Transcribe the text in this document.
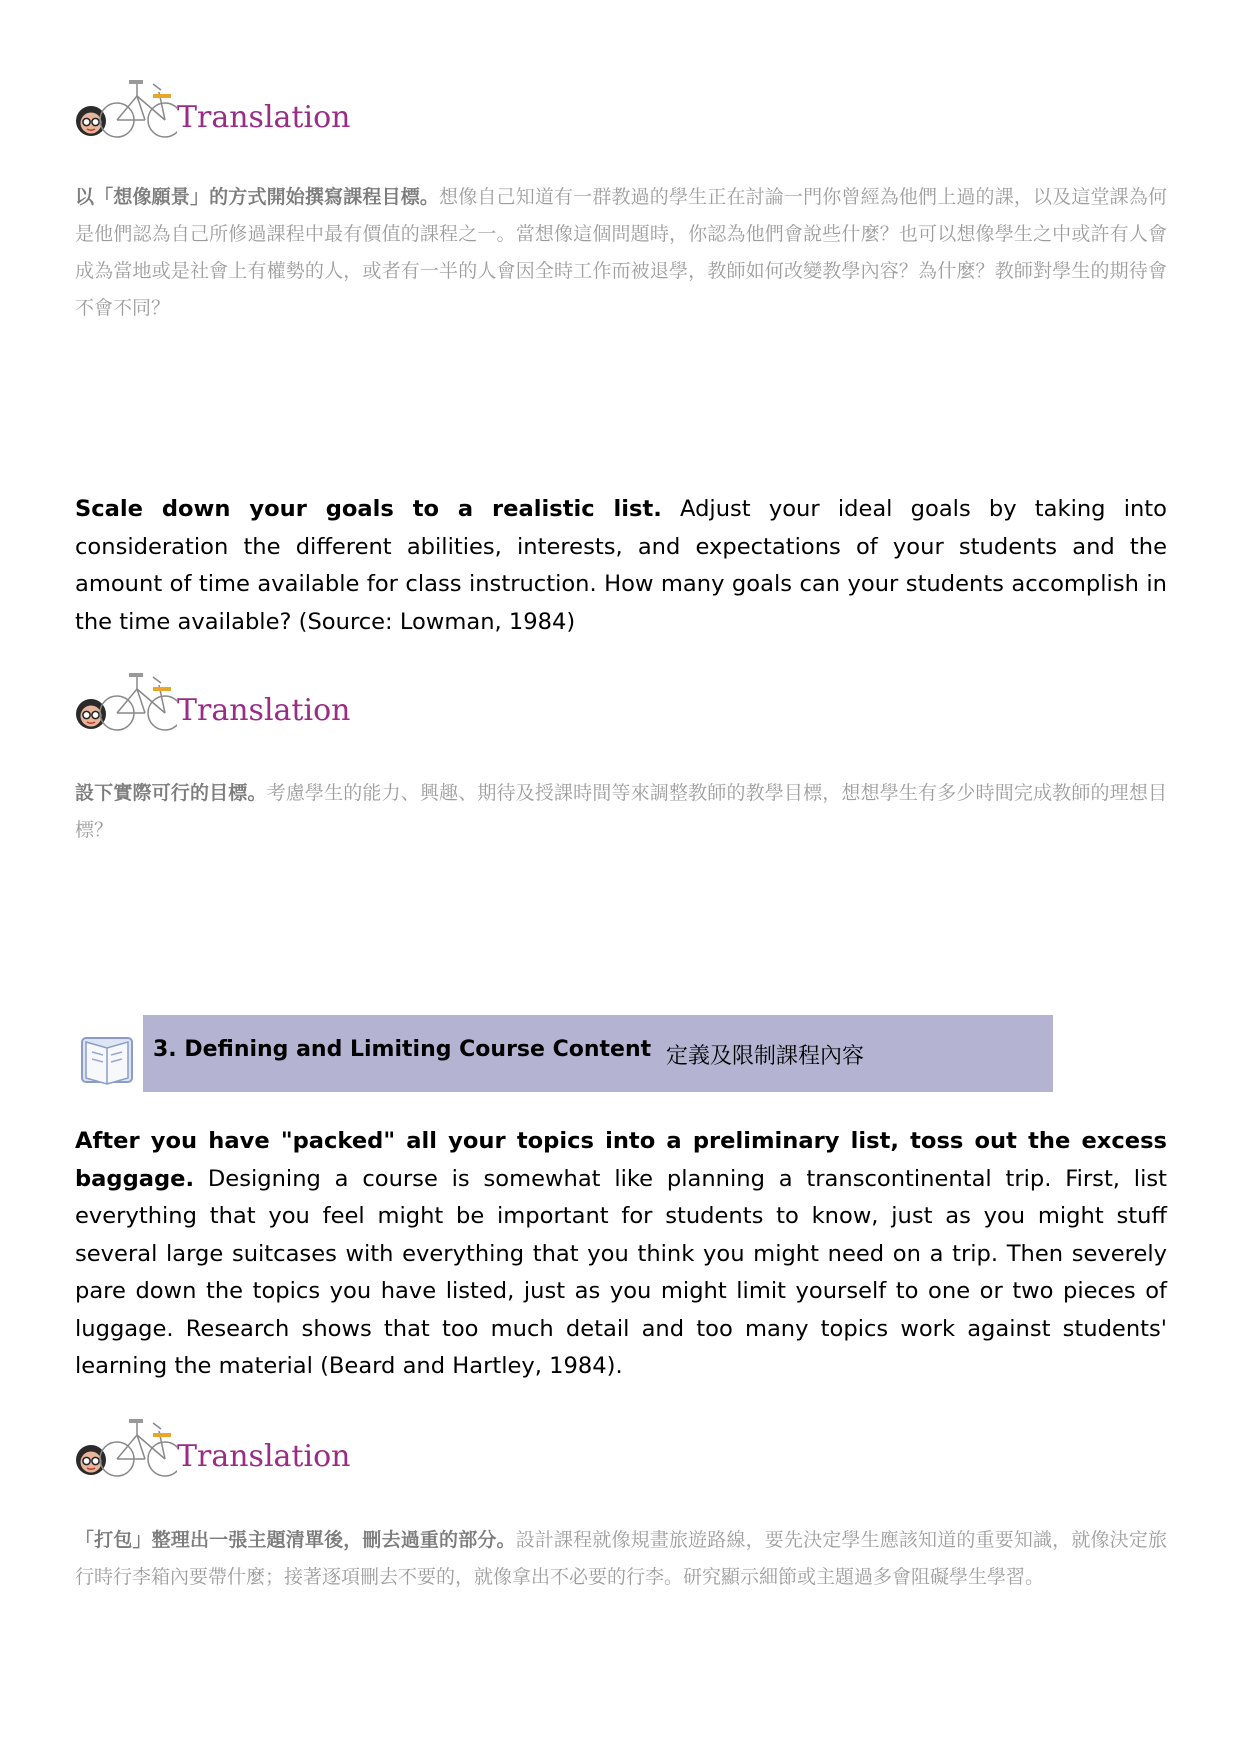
Translation

以「想像願景」的方式開始撰寫課程目標。想像自己知道有一群教過的學生正在討論一門你曾經為他們上過的課，以及這堂課為何是他們認為自己所修過課程中最有價值的課程之一。當想像這個問題時，你認為他們會說些什麼？也可以想像學生之中或許有人會成為當地或是社會上有權勢的人，或者有一半的人會因全時工作而被退學，教師如何改變教學內容？為什麼？教師對學生的期待會不會不同？

Scale down your goals to a realistic list. Adjust your ideal goals by taking into consideration the different abilities, interests, and expectations of your students and the amount of time available for class instruction. How many goals can your students accomplish in the time available? (Source: Lowman, 1984)

Translation

設下實際可行的目標。考慮學生的能力、興趣、期待及授課時間等來調整教師的教學目標，想想學生有多少時間完成教師的理想目標？

3. Defining and Limiting Course Content 定義及限制課程內容

After you have "packed" all your topics into a preliminary list, toss out the excess baggage. Designing a course is somewhat like planning a transcontinental trip. First, list everything that you feel might be important for students to know, just as you might stuff several large suitcases with everything that you think you might need on a trip. Then severely pare down the topics you have listed, just as you might limit yourself to one or two pieces of luggage. Research shows that too much detail and too many topics work against students' learning the material (Beard and Hartley, 1984).

Translation

「打包」整理出一張主題清單後，刪去過重的部分。設計課程就像規畫旅遊路線，要先決定學生應該知道的重要知識，就像決定旅行時行李箱內要帶什麼；接著逐項刪去不要的，就像拿出不必要的行李。研究顯示細節或主題過多會阻礙學生學習。
